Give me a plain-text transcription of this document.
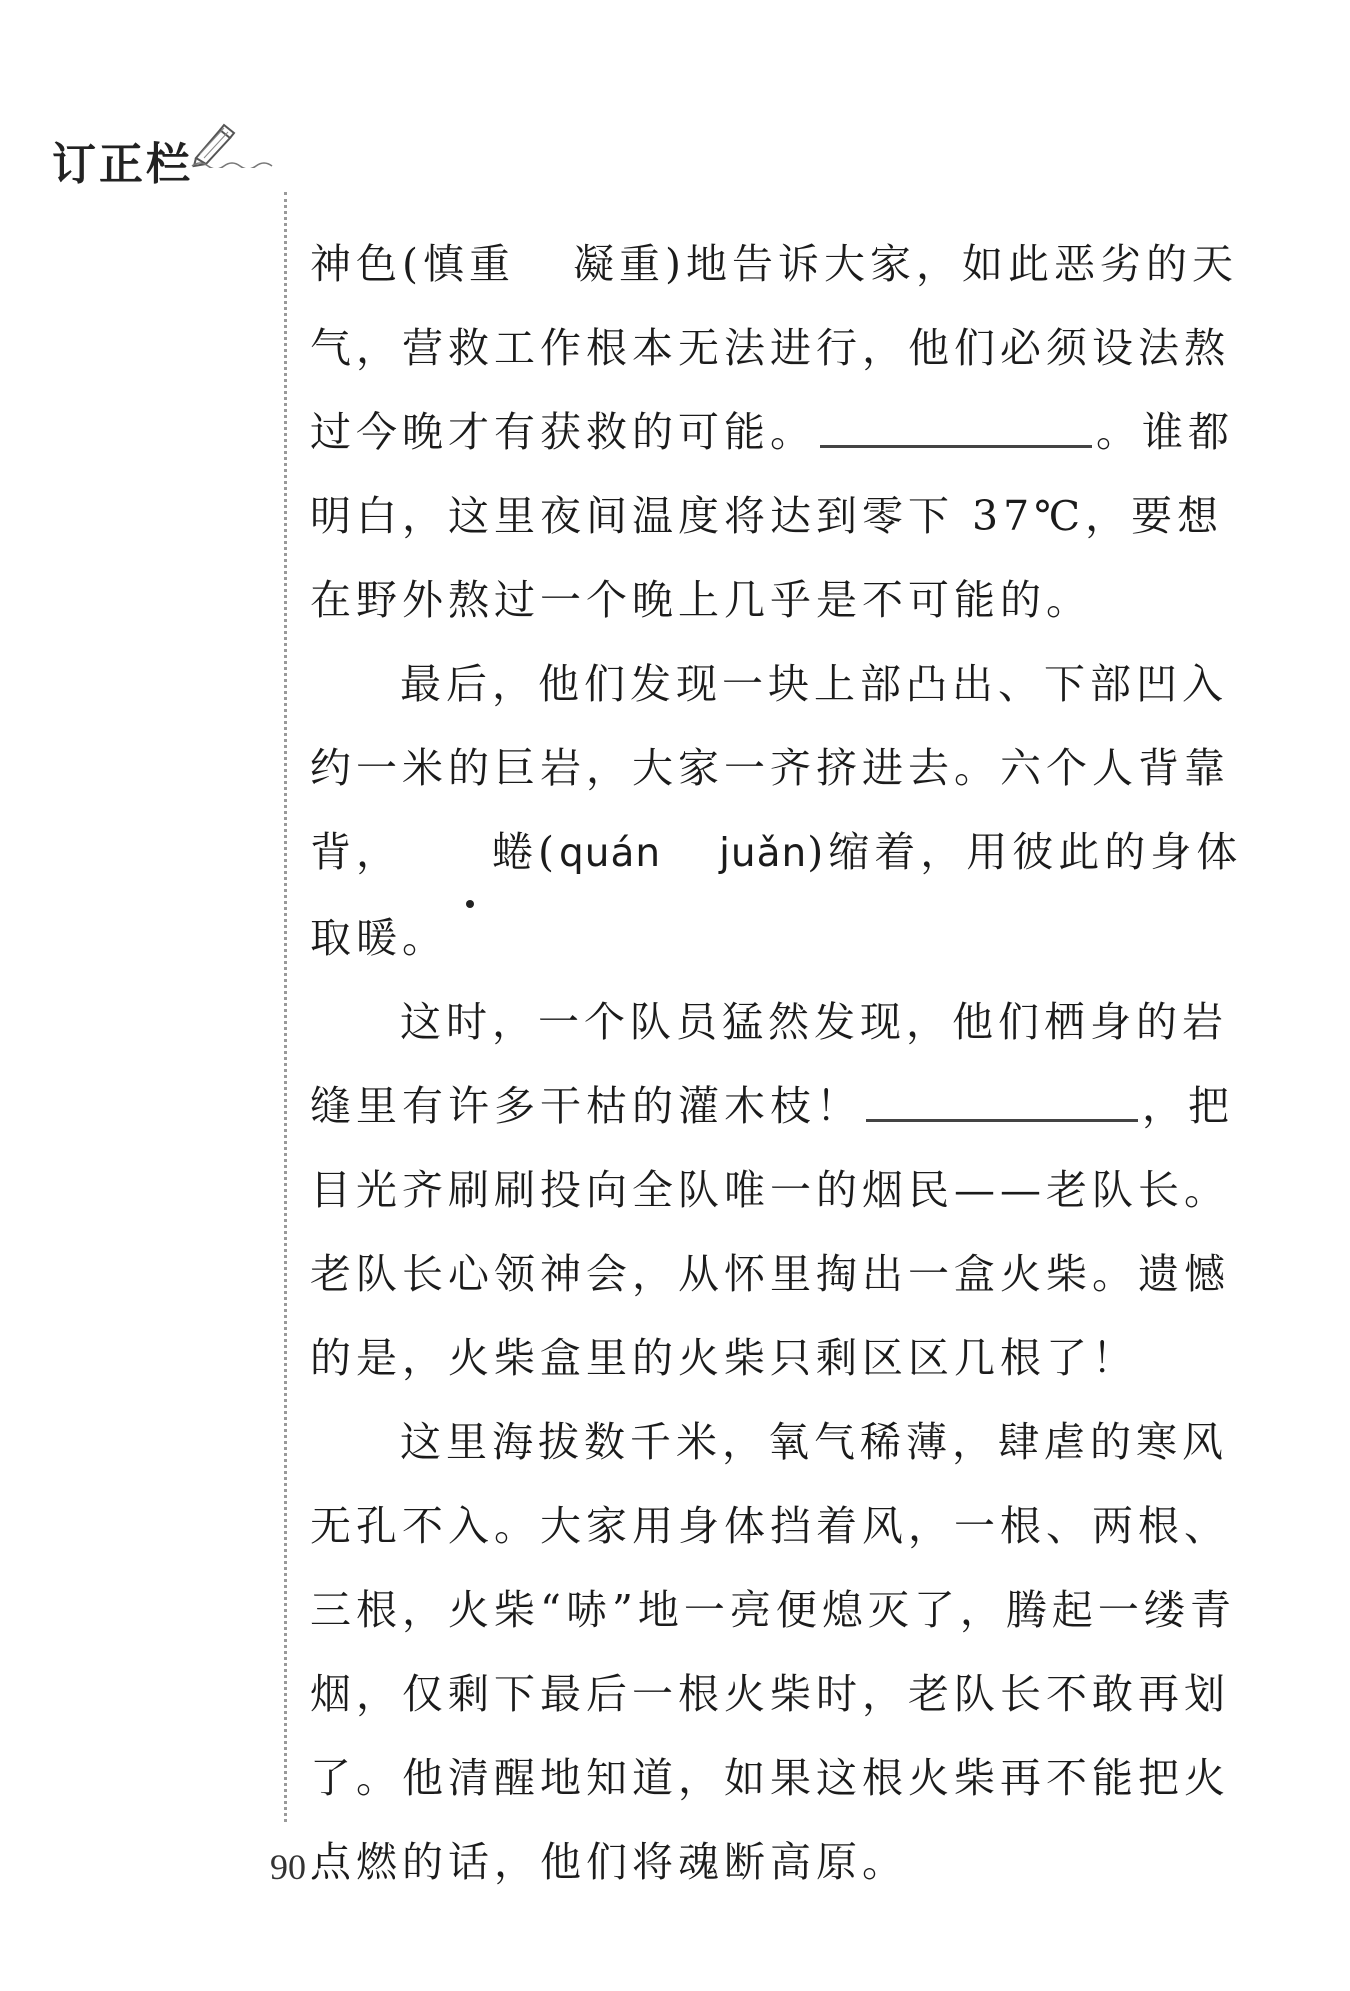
订正栏

神色(慎重 凝重)地告诉大家，如此恶劣的天气，营救工作根本无法进行，他们必须设法熬过今晚才有获救的可能。	。谁都明白，这里夜间温度将达到零下 37℃，要想在野外熬过一个晚上几乎是不可能的。

最后，他们发现一块上部凸出、下部凹入约一米的巨岩，大家一齐挤进去。六个人背靠背， 蜷(quán juǎn)缩着，用彼此的身体取暖。

这时，一个队员猛然发现，他们栖身的岩缝里有许多干枯的灌木枝！	，把目光齐刷刷投向全队唯一的烟民——老队长。老队长心领神会，从怀里掏出一盒火柴。遗憾的是，火柴盒里的火柴只剩区区几根了！

这里海拔数千米，氧气稀薄，肆虐的寒风无孔不入。大家用身体挡着风，一根、两根、三根，火柴“哧”地一亮便熄灭了，腾起一缕青烟，仅剩下最后一根火柴时，老队长不敢再划了。他清醒地知道，如果这根火柴再不能把火点燃的话，他们将魂断高原。

90
